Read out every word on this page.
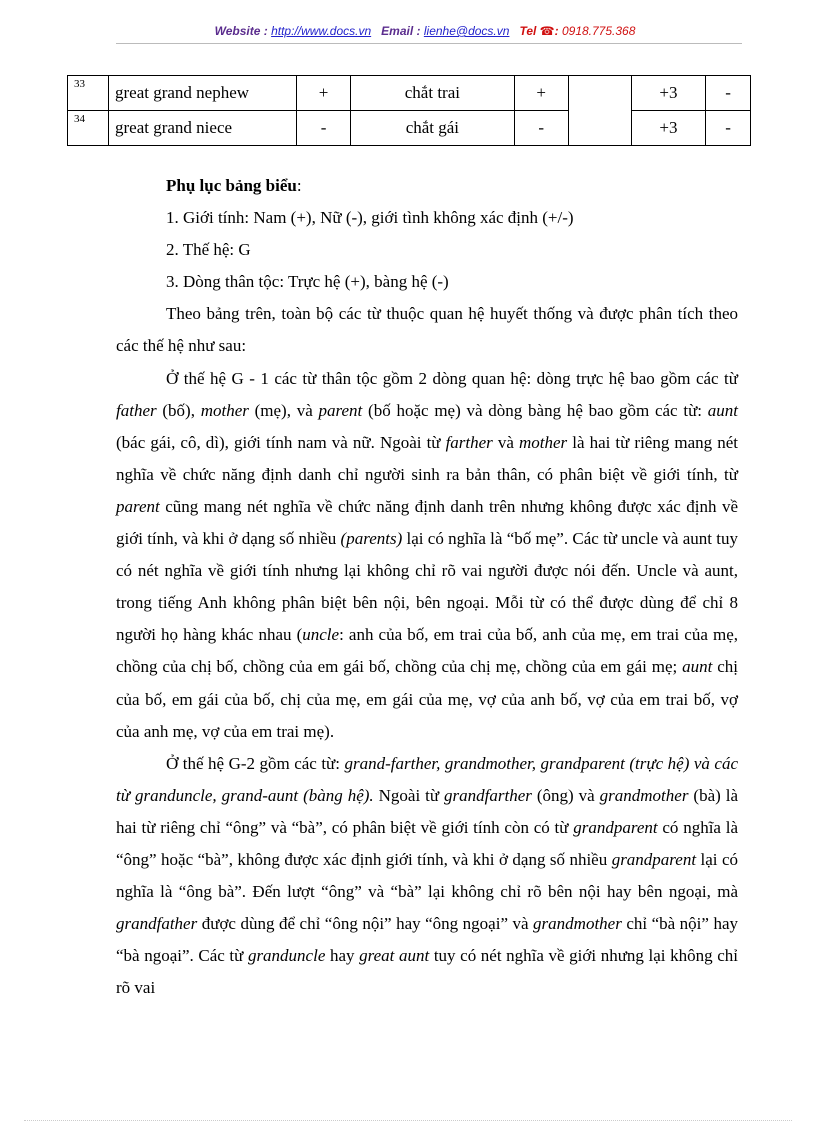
Website : http://www.docs.vn Email : lienhe@docs.vn Tel ☎: 0918.775.368
33	great grand nephew	+	chắt trai	+		+3	-
34	great grand niece	-	chắt gái	-		+3	-

Phụ lục bảng biểu:

1. Giới tính: Nam (+), Nữ (-), giới tình không xác định (+/-)

2. Thế hệ: G

3. Dòng thân tộc: Trực hệ (+), bàng hệ (-)

Theo bảng trên, toàn bộ các từ thuộc quan hệ huyết thống và được phân tích theo các thế hệ như sau:

Ở thế hệ G - 1 các từ thân tộc gồm 2 dòng quan hệ: dòng trực hệ bao gồm các từ father (bố), mother (mẹ), và parent (bố hoặc mẹ) và dòng bàng hệ bao gồm các từ: aunt (bác gái, cô, dì), giới tính nam và nữ. Ngoài từ farther và mother là hai từ riêng mang nét nghĩa về chức năng định danh chỉ người sinh ra bản thân, có phân biệt về giới tính, từ parent cũng mang nét nghĩa về chức năng định danh trên nhưng không được xác định về giới tính, và khi ở dạng số nhiều (parents) lại có nghĩa là “bố mẹ”. Các từ uncle và aunt tuy có nét nghĩa về giới tính nhưng lại không chỉ rõ vai người được nói đến. Uncle và aunt, trong tiếng Anh không phân biệt bên nội, bên ngoại. Mỗi từ có thể được dùng để chỉ 8 người họ hàng khác nhau (uncle: anh của bố, em trai của bố, anh của mẹ, em trai của mẹ, chồng của chị bố, chồng của em gái bố, chồng của chị mẹ, chồng của em gái mẹ; aunt chị của bố, em gái của bố, chị của mẹ, em gái của mẹ, vợ của anh bố, vợ của em trai bố, vợ của anh mẹ, vợ của em trai mẹ).

Ở thế hệ G-2 gồm các từ: grand-farther, grandmother, grandparent (trực hệ) và các từ granduncle, grand-aunt (bàng hệ). Ngoài từ grandfarther (ông) và grandmother (bà) là hai từ riêng chỉ “ông” và “bà”, có phân biệt về giới tính còn có từ grandparent có nghĩa là “ông” hoặc “bà”, không được xác định giới tính, và khi ở dạng số nhiều grandparent lại có nghĩa là “ông bà”. Đến lượt “ông” và “bà” lại không chỉ rõ bên nội hay bên ngoại, mà grandfather được dùng để chỉ “ông nội” hay “ông ngoại” và grandmother chỉ “bà nội” hay “bà ngoại”. Các từ granduncle hay great aunt tuy có nét nghĩa về giới nhưng lại không chỉ rõ vai
